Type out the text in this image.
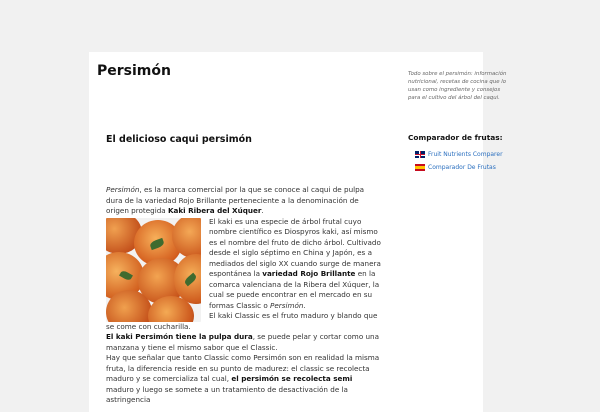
Persimón	Todo sobre el persimón: información nutricional, recetas de cocina que lo usan como ingrediente y consejos para el cultivo del árbol del caqui.
El delicioso caqui persimón

Persimón, es la marca comercial por la que se conoce al caqui de pulpa dura de la variedad Rojo Brillante perteneciente a la denominación de origen protegida Kaki Ribera del Xúquer.

El kaki es una especie de árbol frutal cuyo nombre científico es Diospyros kaki, así mismo es el nombre del fruto de dicho árbol. Cultivado desde el siglo séptimo en China y Japón, es a mediados del siglo XX cuando surge de manera espontánea la variedad Rojo Brillante en la comarca valenciana de la Ribera del Xúquer, la cual se puede encontrar en el mercado en su formas Classic o Persimón.

El kaki Classic es el fruto maduro y blando que se come con cucharilla.

El kaki Persimón tiene la pulpa dura, se puede pelar y cortar como una manzana y tiene el mismo sabor que el Classic.

Hay que señalar que tanto Classic como Persimón son en realidad la misma fruta, la diferencia reside en su punto de madurez: el classic se recolecta maduro y se comercializa tal cual, el persimón se recolecta semi maduro y luego se somete a un tratamiento de desactivación de la astringencia

Comparador de frutas:
Fruit Nutrients Comparer
Comparador De Frutas
